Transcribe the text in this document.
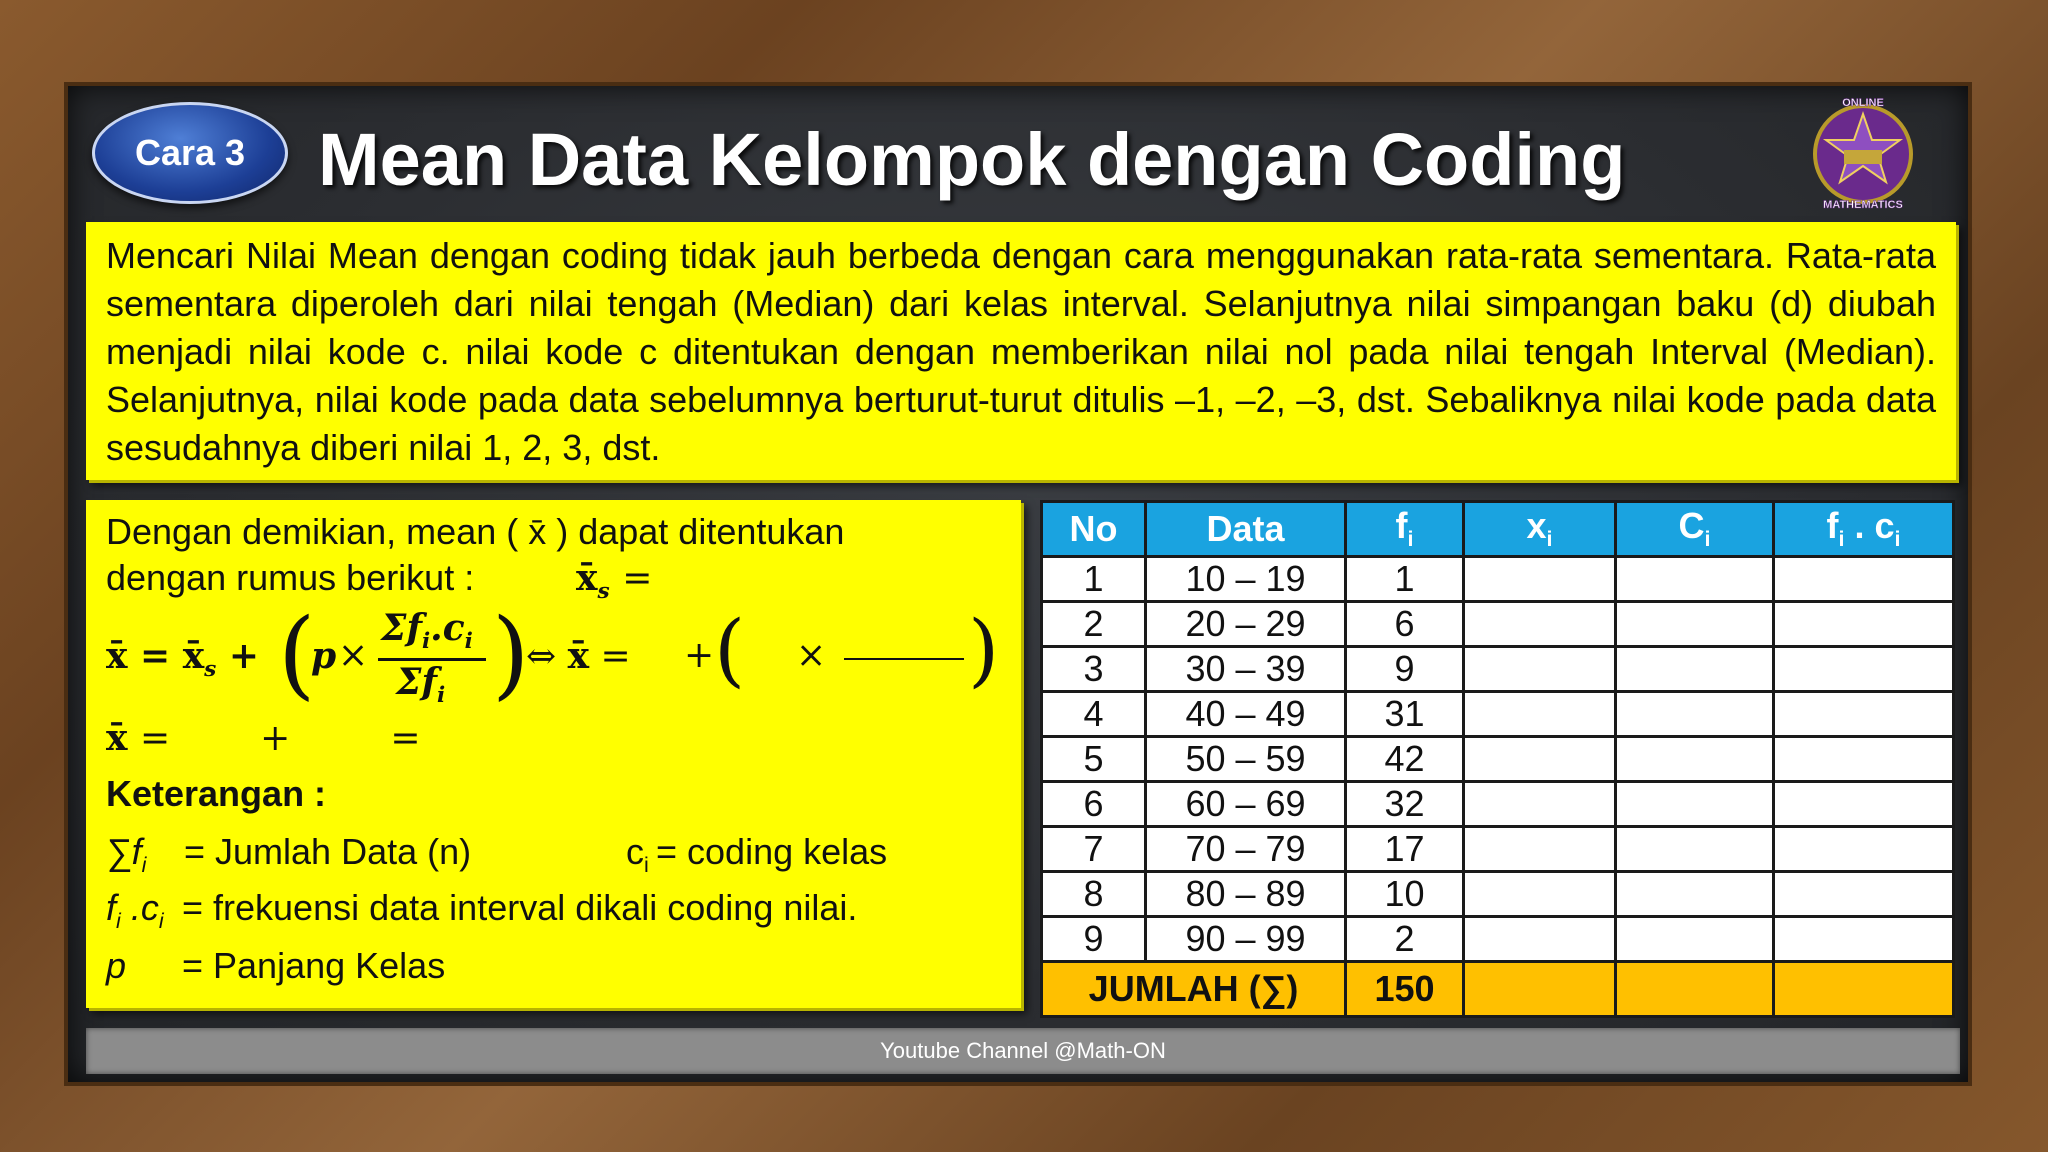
Cara 3 Mean Data Kelompok dengan Coding
ONLINE
MATHEMATICS
Mencari Nilai Mean dengan coding tidak jauh berbeda dengan cara menggunakan rata-rata sementara. Rata-rata sementara diperoleh dari nilai tengah (Median) dari kelas interval. Selanjutnya nilai simpangan baku (d) diubah menjadi nilai kode c. nilai kode c ditentukan dengan memberikan nilai nol pada nilai tengah Interval (Median). Selanjutnya, nilai kode pada data sebelumnya berturut-turut ditulis –1, –2, –3, dst. Sebaliknya nilai kode pada data sesudahnya diberi nilai 1, 2, 3, dst.
Dengan demikian, mean ( x̄ ) dapat ditentukan
dengan rumus berikut :	$x̄_s$ =
x̄ = $x̄_s$ + (
p ×
$\Sigma f_i.c_i$
$\Sigma f_i$ )
⇔ x̄ = + ( × )
x̄ =	+	=
Keterangan :
$\sum f_i$ = Jumlah Data (n)	$c_i$ = coding kelas
$f_i$ $.c_i$ = frekuensi data interval dikali coding nilai.
p = Panjang Kelas
No	Data	$f_i$	$x_i$	$C_i$	$f_i$ . $c_i$
1	10 – 19	1			
2	20 – 29	6			
3	30 – 39	9			
4	40 – 49	31			
5	50 – 59	42			
6	60 – 69	32			
7	70 – 79	17			
8	80 – 89	10			
9	90 – 99	2			
JUMLAH (∑)		150			
Youtube Channel @Math-ON
